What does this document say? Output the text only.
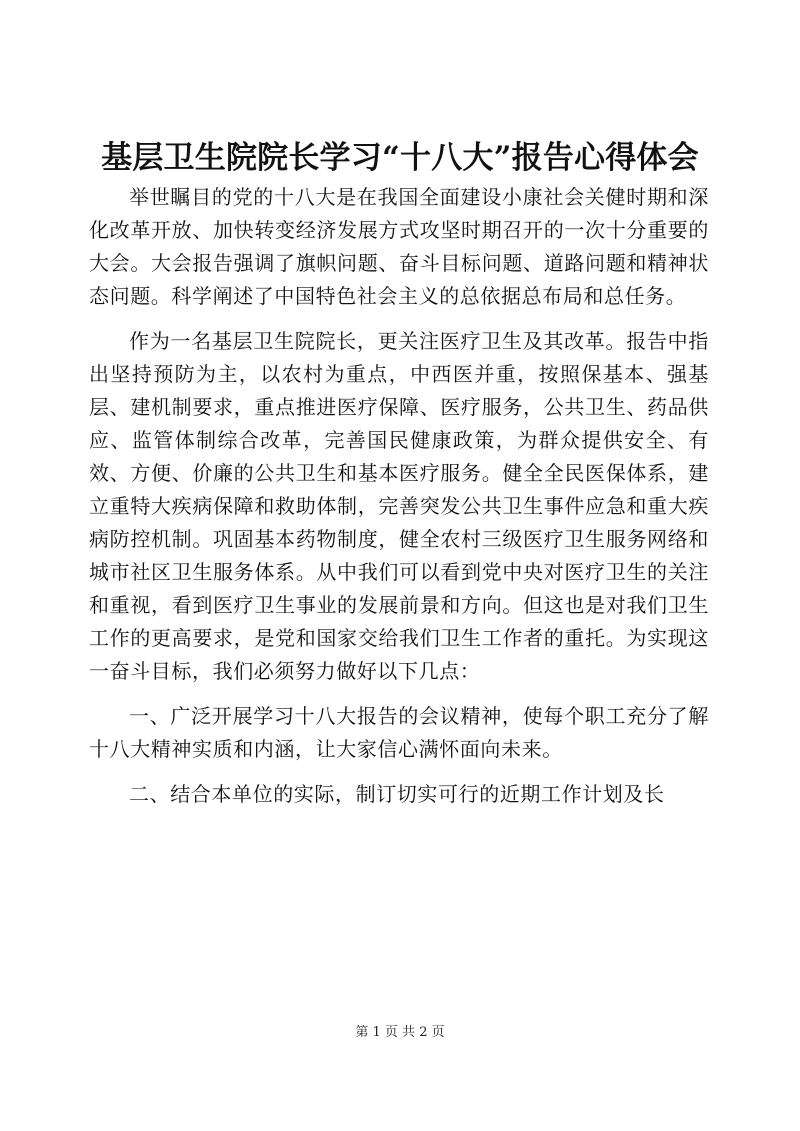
基层卫生院院长学习“十八大”报告心得体会

举世瞩目的党的十八大是在我国全面建设小康社会关健时期和深化改革开放、加快转变经济发展方式攻坚时期召开的一次十分重要的大会。大会报告强调了旗帜问题、奋斗目标问题、道路问题和精神状态问题。科学阐述了中国特色社会主义的总依据总布局和总任务。

作为一名基层卫生院院长，更关注医疗卫生及其改革。报告中指出坚持预防为主，以农村为重点，中西医并重，按照保基本、强基层、建机制要求，重点推进医疗保障、医疗服务，公共卫生、药品供应、监管体制综合改革，完善国民健康政策，为群众提供安全、有效、方便、价廉的公共卫生和基本医疗服务。健全全民医保体系，建立重特大疾病保障和救助体制，完善突发公共卫生事件应急和重大疾病防控机制。巩固基本药物制度，健全农村三级医疗卫生服务网络和城市社区卫生服务体系。从中我们可以看到党中央对医疗卫生的关注和重视，看到医疗卫生事业的发展前景和方向。但这也是对我们卫生工作的更高要求，是党和国家交给我们卫生工作者的重托。为实现这一奋斗目标，我们必须努力做好以下几点：

一、广泛开展学习十八大报告的会议精神，使每个职工充分了解十八大精神实质和内涵，让大家信心满怀面向未来。

二、结合本单位的实际，制订切实可行的近期工作计划及长

第 1 页 共 2 页
